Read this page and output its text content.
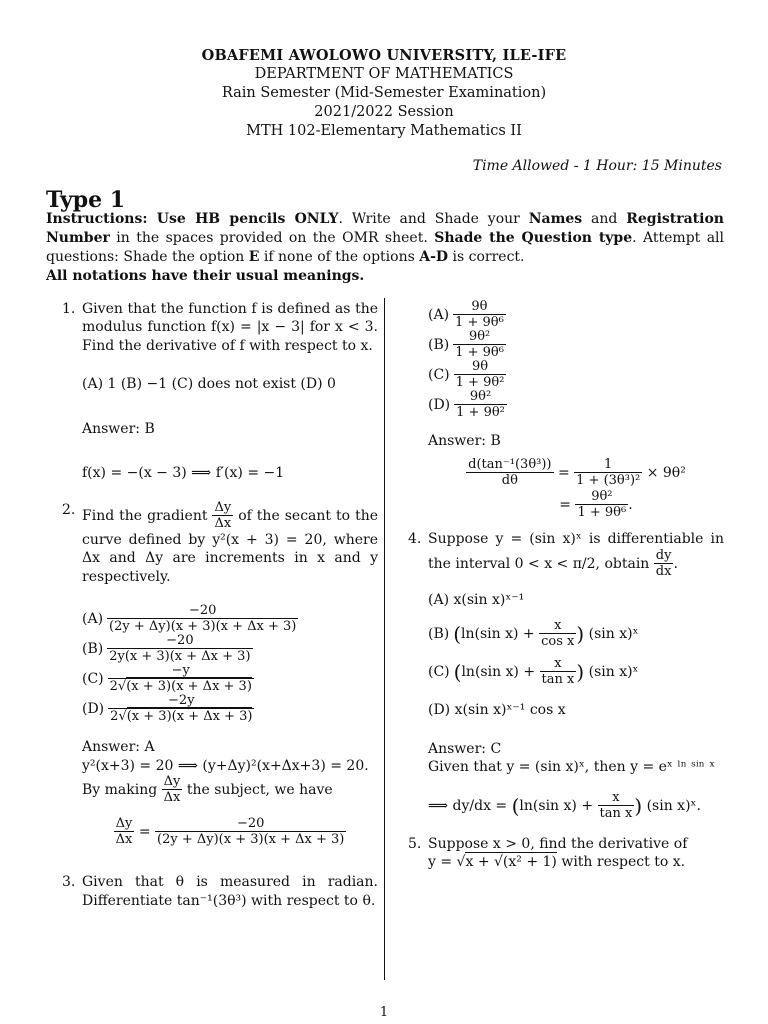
OBAFEMI AWOLOWO UNIVERSITY, ILE-IFE
DEPARTMENT OF MATHEMATICS
Rain Semester (Mid-Semester Examination)
2021/2022 Session
MTH 102-Elementary Mathematics II
Time Allowed - 1 Hour: 15 Minutes
Type 1
Instructions: Use HB pencils ONLY. Write and Shade your Names and Registration Number in the spaces provided on the OMR sheet. Shade the Question type. Attempt all questions: Shade the option E if none of the options A-D is correct.
All notations have their usual meanings.
1. Given that the function f is defined as the modulus function f(x) = |x − 3| for x < 3. Find the derivative of f with respect to x.
(A) 1 (B) −1 (C) does not exist (D) 0
Answer: B
f(x) = −(x − 3) ⟹ f′(x) = −1
2. Find the gradient $\frac{\Delta y}{\Delta x}$ of the secant to the curve defined by y²(x + 3) = 20, where Δx and Δy are increments in x and y respectively.
$(A) \frac{-20}{(2y + \Delta y)(x + 3)(x + \Delta x + 3)}$
$(B) \frac{-20}{2y(x + 3)(x + \Delta x + 3)}$
$(C) \frac{-y}{2√(x + 3)(x + \Delta x + 3)}$
$(D) \frac{-2y}{2√(x + 3)(x + \Delta x + 3)}$
Answer: A
y²(x+3) = 20 ⟹ (y+Δy)²(x+Δx+3) = 20.
By making $\frac{\Delta y}{\Delta x}$ the subject, we have
$\frac{\Delta y}{\Delta x} = \frac{-20}{(2y + \Delta y)(x + 3)(x + \Delta x + 3)}$
3. Given that θ is measured in radian. Differentiate tan⁻¹(3θ³) with respect to θ.
$(A) \frac{9\theta}{\text{1 + 9θ⁶}}$
$(B) \frac{\text{9θ²}}{\text{1 + 9θ⁶}}$
$(C) \frac{9\theta}{\text{1 + 9θ²}}$
$(D) \frac{\text{9θ²}}{\text{1 + 9θ²}}$
Answer: B
$\frac{\text{d(tan⁻¹(3θ³))}}{d\theta} = \frac{1}{\text{1 + (3θ³)²}} \times 9\theta^2$
= $\frac{\text{9θ²}}{\text{1 + 9θ⁶}}$ .
4. Suppose y = (sin x)ˣ is differentiable in the interval 0 < x < π/2, obtain $\frac{dy}{dx}$ .
(A) x(sin x)ˣ⁻¹
(B) ( ln(sin x) +
$\frac{x}{\text{cos x}}$ )
(sin x)ˣ
(C) ( ln(sin x) +
$\frac{x}{\text{tan x}}$ )
(sin x)ˣ
(D) x(sin x)ˣ⁻¹ cos x
Answer: C
Given that y = (sin x)ˣ, then y = eˣ ˡⁿ ˢⁱⁿ ˣ
⟹ dy/dx =
( ln(sin x) +
$\frac{x}{\text{tan x}}$ )
(sin x)ˣ.
5. Suppose x > 0, find the derivative of
y = √x + √(x² + 1) with respect to x.
1
